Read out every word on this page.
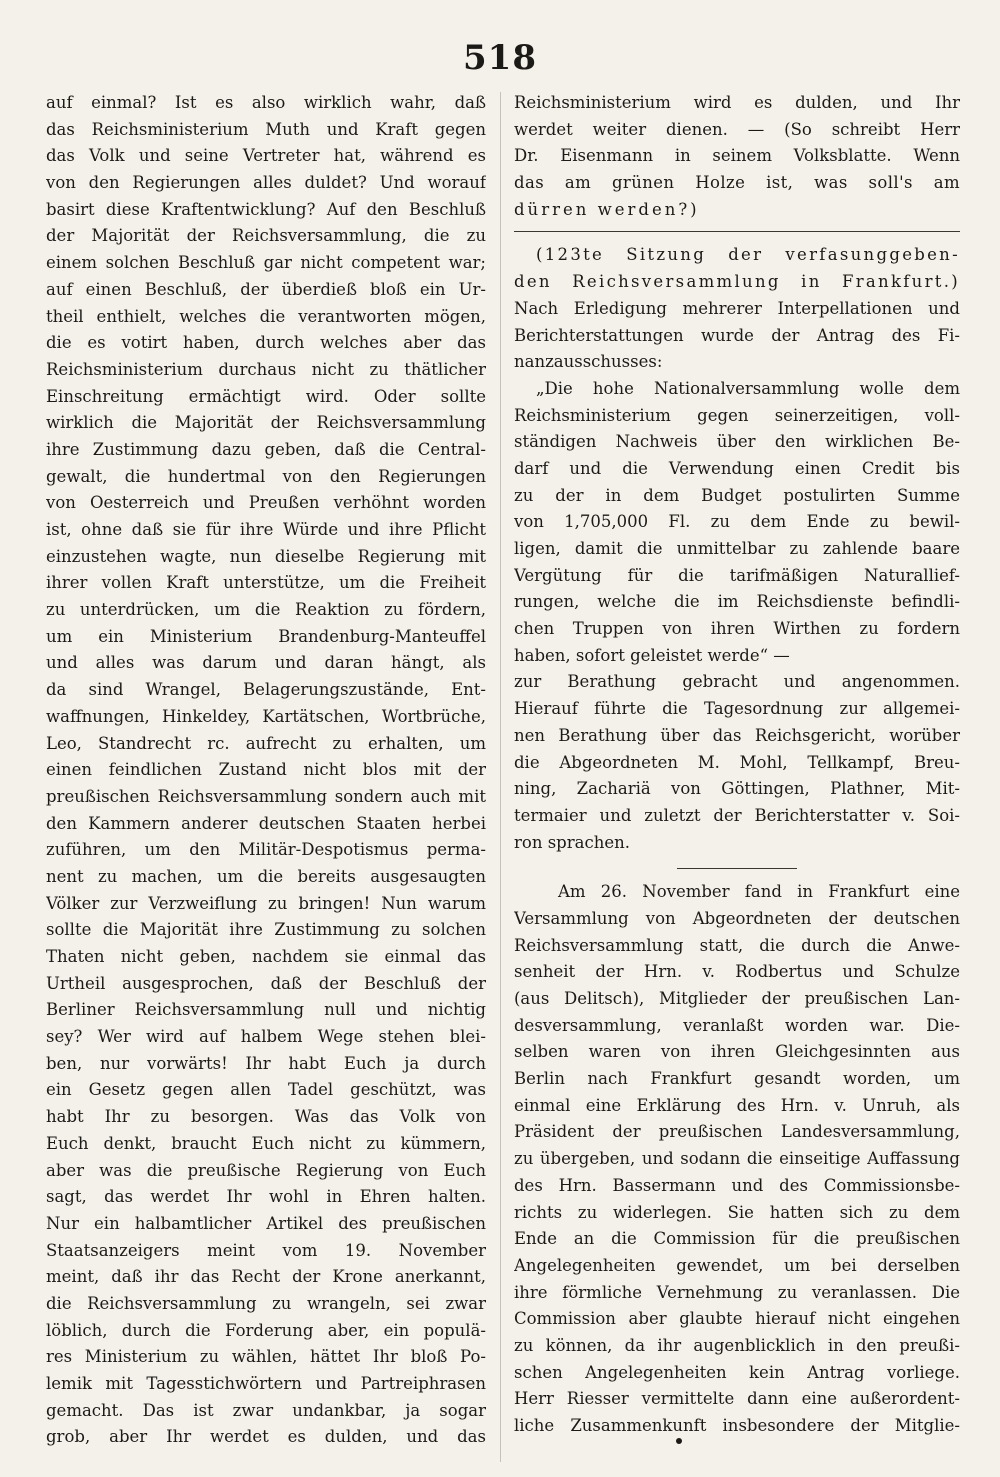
518
auf einmal? Ist es also wirklich wahr, daß
das Reichsministerium Muth und Kraft gegen
das Volk und seine Vertreter hat, während es
von den Regierungen alles duldet? Und worauf
basirt diese Kraftentwicklung? Auf den Beschluß
der Majorität der Reichsversammlung, die zu
einem solchen Beschluß gar nicht competent war;
auf einen Beschluß, der überdieß bloß ein Ur-
theil enthielt, welches die verantworten mögen,
die es votirt haben, durch welches aber das
Reichsministerium durchaus nicht zu thätlicher
Einschreitung ermächtigt wird. Oder sollte
wirklich die Majorität der Reichsversammlung
ihre Zustimmung dazu geben, daß die Central-
gewalt, die hundertmal von den Regierungen
von Oesterreich und Preußen verhöhnt worden
ist, ohne daß sie für ihre Würde und ihre Pflicht
einzustehen wagte, nun dieselbe Regierung mit
ihrer vollen Kraft unterstütze, um die Freiheit
zu unterdrücken, um die Reaktion zu fördern,
um ein Ministerium Brandenburg-Manteuffel
und alles was darum und daran hängt, als
da sind Wrangel, Belagerungszustände, Ent-
waffnungen, Hinkeldey, Kartätschen, Wortbrüche,
Leo, Standrecht rc. aufrecht zu erhalten, um
einen feindlichen Zustand nicht blos mit der
preußischen Reichsversammlung sondern auch mit
den Kammern anderer deutschen Staaten herbei
zuführen, um den Militär-Despotismus perma-
nent zu machen, um die bereits ausgesaugten
Völker zur Verzweiflung zu bringen! Nun warum
sollte die Majorität ihre Zustimmung zu solchen
Thaten nicht geben, nachdem sie einmal das
Urtheil ausgesprochen, daß der Beschluß der
Berliner Reichsversammlung null und nichtig
sey? Wer wird auf halbem Wege stehen blei-
ben, nur vorwärts! Ihr habt Euch ja durch
ein Gesetz gegen allen Tadel geschützt, was
habt Ihr zu besorgen. Was das Volk von
Euch denkt, braucht Euch nicht zu kümmern,
aber was die preußische Regierung von Euch
sagt, das werdet Ihr wohl in Ehren halten.
Nur ein halbamtlicher Artikel des preußischen
Staatsanzeigers meint vom 19. November
meint, daß ihr das Recht der Krone anerkannt,
die Reichsversammlung zu wrangeln, sei zwar
löblich, durch die Forderung aber, ein populä-
res Ministerium zu wählen, hättet Ihr bloß Po-
lemik mit Tagesstichwörtern und Partreiphrasen
gemacht. Das ist zwar undankbar, ja sogar
grob, aber Ihr werdet es dulden, und das
Reichsministerium wird es dulden, und Ihr
werdet weiter dienen. — (So schreibt Herr
Dr. Eisenmann in seinem Volksblatte. Wenn
das am grünen Holze ist, was soll's am
dürren werden?)
(123te Sitzung der verfasunggeben-
den Reichsversammlung in Frankfurt.)
Nach Erledigung mehrerer Interpellationen und
Berichterstattungen wurde der Antrag des Fi-
nanzausschusses:
„Die hohe Nationalversammlung wolle dem
Reichsministerium gegen seinerzeitigen, voll-
ständigen Nachweis über den wirklichen Be-
darf und die Verwendung einen Credit bis
zu der in dem Budget postulirten Summe
von 1,705,000 Fl. zu dem Ende zu bewil-
ligen, damit die unmittelbar zu zahlende baare
Vergütung für die tarifmäßigen Naturallief-
rungen, welche die im Reichsdienste befindli-
chen Truppen von ihren Wirthen zu fordern
haben, sofort geleistet werde“ —
zur Berathung gebracht und angenommen.
Hierauf führte die Tagesordnung zur allgemei-
nen Berathung über das Reichsgericht, worüber
die Abgeordneten M. Mohl, Tellkampf, Breu-
ning, Zachariä von Göttingen, Plathner, Mit-
termaier und zuletzt der Berichterstatter v. Soi-
ron sprachen.
Am 26. November fand in Frankfurt eine
Versammlung von Abgeordneten der deutschen
Reichsversammlung statt, die durch die Anwe-
senheit der Hrn. v. Rodbertus und Schulze
(aus Delitsch), Mitglieder der preußischen Lan-
desversammlung, veranlaßt worden war. Die-
selben waren von ihren Gleichgesinnten aus
Berlin nach Frankfurt gesandt worden, um
einmal eine Erklärung des Hrn. v. Unruh, als
Präsident der preußischen Landesversammlung,
zu übergeben, und sodann die einseitige Auffassung
des Hrn. Bassermann und des Commissionsbe-
richts zu widerlegen. Sie hatten sich zu dem
Ende an die Commission für die preußischen
Angelegenheiten gewendet, um bei derselben
ihre förmliche Vernehmung zu veranlassen. Die
Commission aber glaubte hierauf nicht eingehen
zu können, da ihr augenblicklich in den preußi-
schen Angelegenheiten kein Antrag vorliege.
Herr Riesser vermittelte dann eine außerordent-
liche Zusammenkunft insbesondere der Mitglie-
